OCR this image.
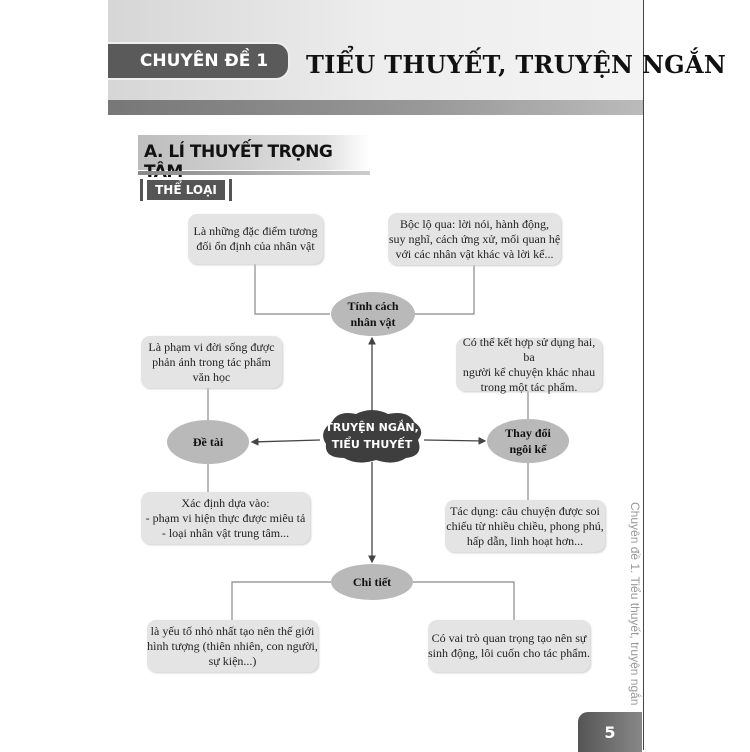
CHUYÊN ĐỀ 1	TIỂU THUYẾT, TRUYỆN NGẮN
A. LÍ THUYẾT TRỌNG
THỂ LOẠI
Là những đặc điểm tương
đối ổn định của nhân vật
Bộc lộ qua: lời nói, hành động,
suy nghĩ, cách ứng xử, mối quan hệ
với các nhân vật khác và lời kể...
Tính cách
nhân vật
Là phạm vi đời sống được
phản ánh trong tác phẩm
văn học
Có thể kết hợp sử dụng hai, ba
người kể chuyện khác nhau
trong một tác phẩm.
Đề tài
Thay đổi
ngôi kể
TRUYỆN NGẮN,
TIỂU THUYẾT
Xác định dựa vào:
- phạm vi hiện thực được miêu tả
- loại nhân vật trung tâm...
Tác dụng: câu chuyện được soi
chiếu từ nhiều chiều, phong phú,
hấp dẫn, linh hoạt hơn...
Chi tiết
là yếu tố nhỏ nhất tạo nên thế giới
hình tượng (thiên nhiên, con người,
sự kiện...)
Có vai trò quan trọng tạo nên sự
sinh động, lôi cuốn cho tác phẩm.	Chuyên đề 1. Tiểu thuyết, truyện ngắn
5
